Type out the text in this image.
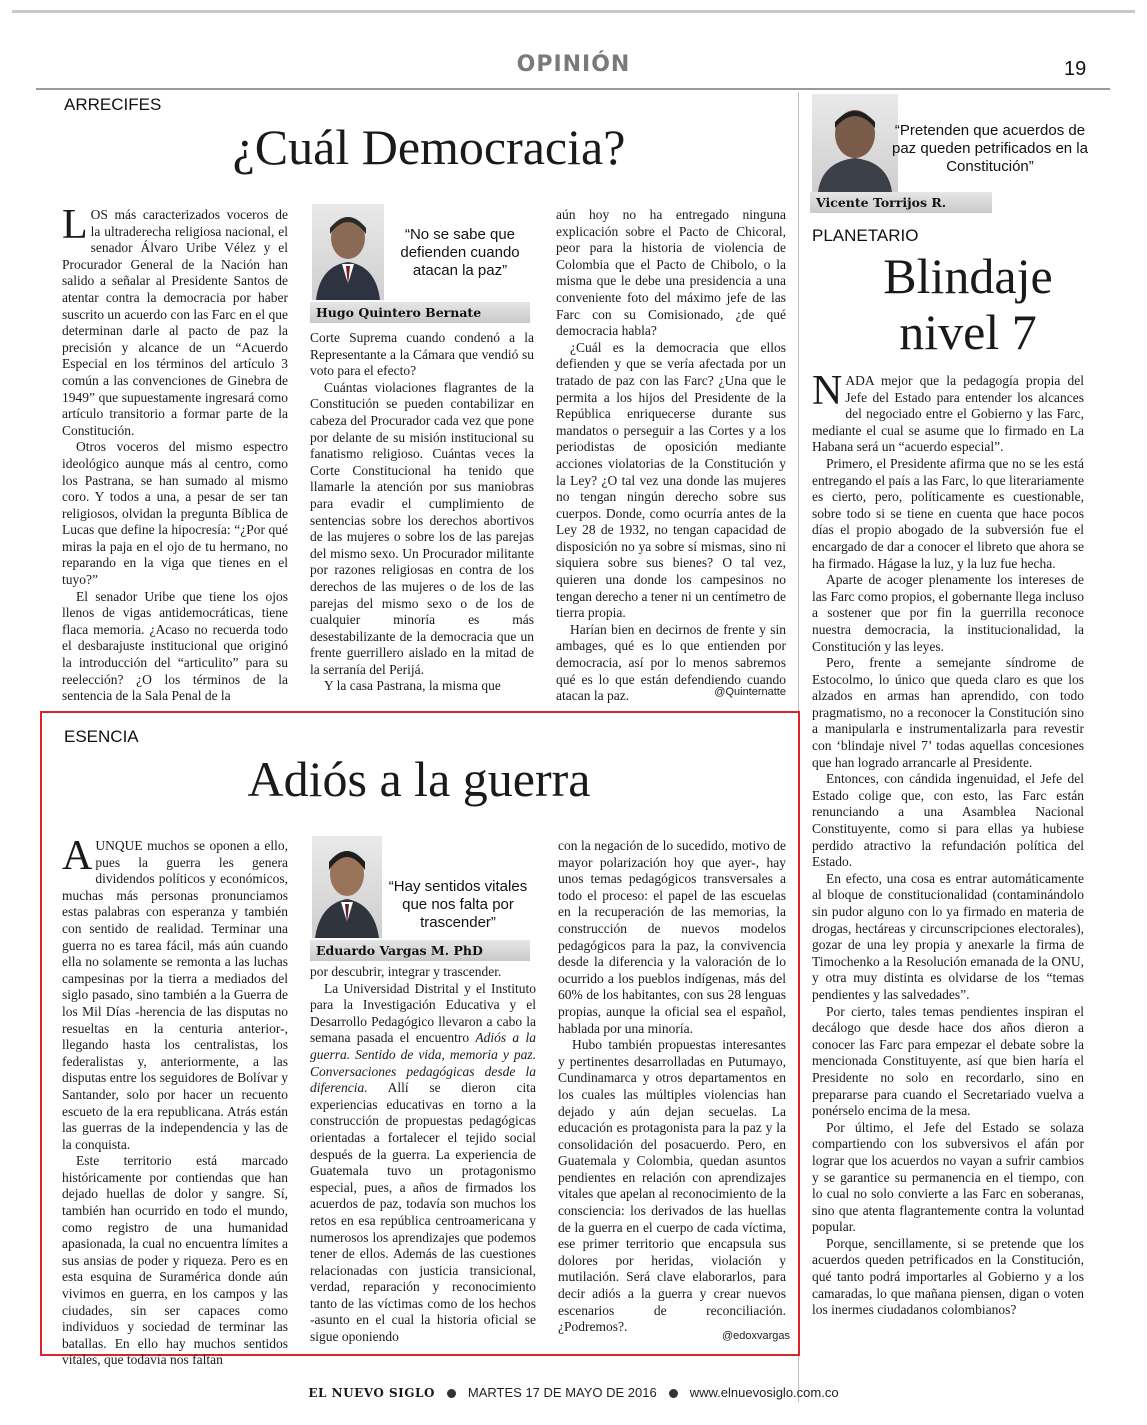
OPINIÓN	19
ARRECIFES
¿Cuál Democracia?

LOS más caracterizados voceros de la ultraderecha religiosa nacional, el senador Álvaro Uribe Vélez y el Procurador General de la Nación han salido a señalar al Presidente Santos de atentar contra la democracia por haber suscrito un acuerdo con las Farc en el que determinan darle al pacto de paz la precisión y alcance de un “Acuerdo Especial en los términos del artículo 3 común a las convenciones de Ginebra de 1949” que supuestamente ingresará como artículo transitorio a formar parte de la Constitución.

Otros voceros del mismo espectro ideológico aunque más al centro, como los Pastrana, se han sumado al mismo coro. Y todos a una, a pesar de ser tan religiosos, olvidan la pregunta Bíblica de Lucas que define la hipocresía: “¿Por qué miras la paja en el ojo de tu hermano, no reparando en la viga que tienes en el tuyo?”

El senador Uribe que tiene los ojos llenos de vigas antidemocráticas, tiene flaca memoria. ¿Acaso no recuerda todo el desbarajuste institucional que originó la introducción del “articulito” para su reelección? ¿O los términos de la sentencia de la Sala Penal de la

“No se sabe que defienden cuando atacan la paz”
Hugo Quintero Bernate

Corte Suprema cuando condenó a la Representante a la Cámara que vendió su voto para el efecto?

Cuántas violaciones flagrantes de la Constitución se pueden contabilizar en cabeza del Procurador cada vez que pone por delante de su misión institucional su fanatismo religioso. Cuántas veces la Corte Constitucional ha tenido que llamarle la atención por sus maniobras para evadir el cumplimiento de sentencias sobre los derechos abortivos de las mujeres o sobre los de las parejas del mismo sexo. Un Procurador militante por razones religiosas en contra de los derechos de las mujeres o de los de las parejas del mismo sexo o de los de cualquier minoría es más desestabilizante de la democracia que un frente guerrillero aislado en la mitad de la serranía del Perijá.

Y la casa Pastrana, la misma que

aún hoy no ha entregado ninguna explicación sobre el Pacto de Chicoral, peor para la historia de violencia de Colombia que el Pacto de Chibolo, o la misma que le debe una presidencia a una conveniente foto del máximo jefe de las Farc con su Comisionado, ¿de qué democracia habla?

¿Cuál es la democracia que ellos defienden y que se vería afectada por un tratado de paz con las Farc? ¿Una que le permita a los hijos del Presidente de la República enriquecerse durante sus mandatos o perseguir a las Cortes y a los periodistas de oposición mediante acciones violatorias de la Constitución y la Ley? ¿O tal vez una donde las mujeres no tengan ningún derecho sobre sus cuerpos. Donde, como ocurría antes de la Ley 28 de 1932, no tengan capacidad de disposición no ya sobre sí mismas, sino ni siquiera sobre sus bienes? O tal vez, quieren una donde los campesinos no tengan derecho a tener ni un centímetro de tierra propia.

Harían bien en decirnos de frente y sin ambages, qué es lo que entienden por democracia, así por lo menos sabremos qué es lo que están defendiendo cuando atacan la paz.	@Quinternatte
“Pretenden que acuerdos de paz queden petrificados en la Constitución”
Vicente Torrijos R.
PLANETARIO
Blindaje
nivel 7

NADA mejor que la pedagogía propia del Jefe del Estado para entender los alcances del negociado entre el Gobierno y las Farc, mediante el cual se asume que lo firmado en La Habana será un “acuerdo especial”.

Primero, el Presidente afirma que no se les está entregando el país a las Farc, lo que literariamente es cierto, pero, políticamente es cuestionable, sobre todo si se tiene en cuenta que hace pocos días el propio abogado de la subversión fue el encargado de dar a conocer el libreto que ahora se ha firmado. Hágase la luz, y la luz fue hecha.

Aparte de acoger plenamente los intereses de las Farc como propios, el gobernante llega incluso a sostener que por fin la guerrilla reconoce nuestra democracia, la institucionalidad, la Constitución y las leyes.

Pero, frente a semejante síndrome de Estocolmo, lo único que queda claro es que los alzados en armas han aprendido, con todo pragmatismo, no a reconocer la Constitución sino a manipularla e instrumentalizarla para revestir con ‘blindaje nivel 7’ todas aquellas concesiones que han logrado arrancarle al Presidente.

Entonces, con cándida ingenuidad, el Jefe del Estado colige que, con esto, las Farc están renunciando a una Asamblea Nacional Constituyente, como si para ellas ya hubiese perdido atractivo la refundación política del Estado.

En efecto, una cosa es entrar automáticamente al bloque de constitucionalidad (contaminándolo sin pudor alguno con lo ya firmado en materia de drogas, hectáreas y circunscripciones electorales), gozar de una ley propia y anexarle la firma de Timochenko a la Resolución emanada de la ONU, y otra muy distinta es olvidarse de los “temas pendientes y las salvedades”.

Por cierto, tales temas pendientes inspiran el decálogo que desde hace dos años dieron a conocer las Farc para empezar el debate sobre la mencionada Constituyente, así que bien haría el Presidente no solo en recordarlo, sino en prepararse para cuando el Secretariado vuelva a ponérselo encima de la mesa.

Por último, el Jefe del Estado se solaza compartiendo con los subversivos el afán por lograr que los acuerdos no vayan a sufrir cambios y se garantice su permanencia en el tiempo, con lo cual no solo convierte a las Farc en soberanas, sino que atenta flagrantemente contra la voluntad popular.

Porque, sencillamente, si se pretende que los acuerdos queden petrificados en la Constitución, qué tanto podrá importarles al Gobierno y a los camaradas, lo que mañana piensen, digan o voten los inermes ciudadanos colombianos?

ESENCIA
Adiós a la guerra

AUNQUE muchos se oponen a ello, pues la guerra les genera dividendos políticos y económicos, muchas más personas pronunciamos estas palabras con esperanza y también con sentido de realidad. Terminar una guerra no es tarea fácil, más aún cuando ella no solamente se remonta a las luchas campesinas por la tierra a mediados del siglo pasado, sino también a la Guerra de los Mil Días -herencia de las disputas no resueltas en la centuria anterior-, llegando hasta los centralistas, los federalistas y, anteriormente, a las disputas entre los seguidores de Bolívar y Santander, solo por hacer un recuento escueto de la era republicana. Atrás están las guerras de la independencia y las de la conquista.

Este territorio está marcado históricamente por contiendas que han dejado huellas de dolor y sangre. Sí, también han ocurrido en todo el mundo, como registro de una humanidad apasionada, la cual no encuentra límites a sus ansias de poder y riqueza. Pero es en esta esquina de Suramérica donde aún vivimos en guerra, en los campos y las ciudades, sin ser capaces como individuos y sociedad de terminar las batallas. En ello hay muchos sentidos vitales, que todavía nos faltan

“Hay sentidos vitales que nos falta por trascender”
Eduardo Vargas M. PhD

por descubrir, integrar y trascender.

La Universidad Distrital y el Instituto para la Investigación Educativa y el Desarrollo Pedagógico llevaron a cabo la semana pasada el encuentro Adiós a la guerra. Sentido de vida, memoria y paz. Conversaciones pedagógicas desde la diferencia. Allí se dieron cita experiencias educativas en torno a la construcción de propuestas pedagógicas orientadas a fortalecer el tejido social después de la guerra. La experiencia de Guatemala tuvo un protagonismo especial, pues, a años de firmados los acuerdos de paz, todavía son muchos los retos en esa república centroamericana y numerosos los aprendizajes que podemos tener de ellos. Además de las cuestiones relacionadas con justicia transicional, verdad, reparación y reconocimiento tanto de las víctimas como de los hechos -asunto en el cual la historia oficial se sigue oponiendo

con la negación de lo sucedido, motivo de mayor polarización hoy que ayer-, hay unos temas pedagógicos transversales a todo el proceso: el papel de las escuelas en la recuperación de las memorias, la construcción de nuevos modelos pedagógicos para la paz, la convivencia desde la diferencia y la valoración de lo ocurrido a los pueblos indígenas, más del 60% de los habitantes, con sus 28 lenguas propias, aunque la oficial sea el español, hablada por una minoría.

Hubo también propuestas interesantes y pertinentes desarrolladas en Putumayo, Cundinamarca y otros departamentos en los cuales las múltiples violencias han dejado y aún dejan secuelas. La educación es protagonista para la paz y la consolidación del posacuerdo. Pero, en Guatemala y Colombia, quedan asuntos pendientes en relación con aprendizajes vitales que apelan al reconocimiento de la consciencia: los derivados de las huellas de la guerra en el cuerpo de cada víctima, ese primer territorio que encapsula sus dolores por heridas, violación y mutilación. Será clave elaborarlos, para decir adiós a la guerra y crear nuevos escenarios de reconciliación. ¿Podremos?.

@edoxvargas
EL NUEVO SIGLO	MARTES 17 DE MAYO DE 2016	www.elnuevosiglo.com.co
